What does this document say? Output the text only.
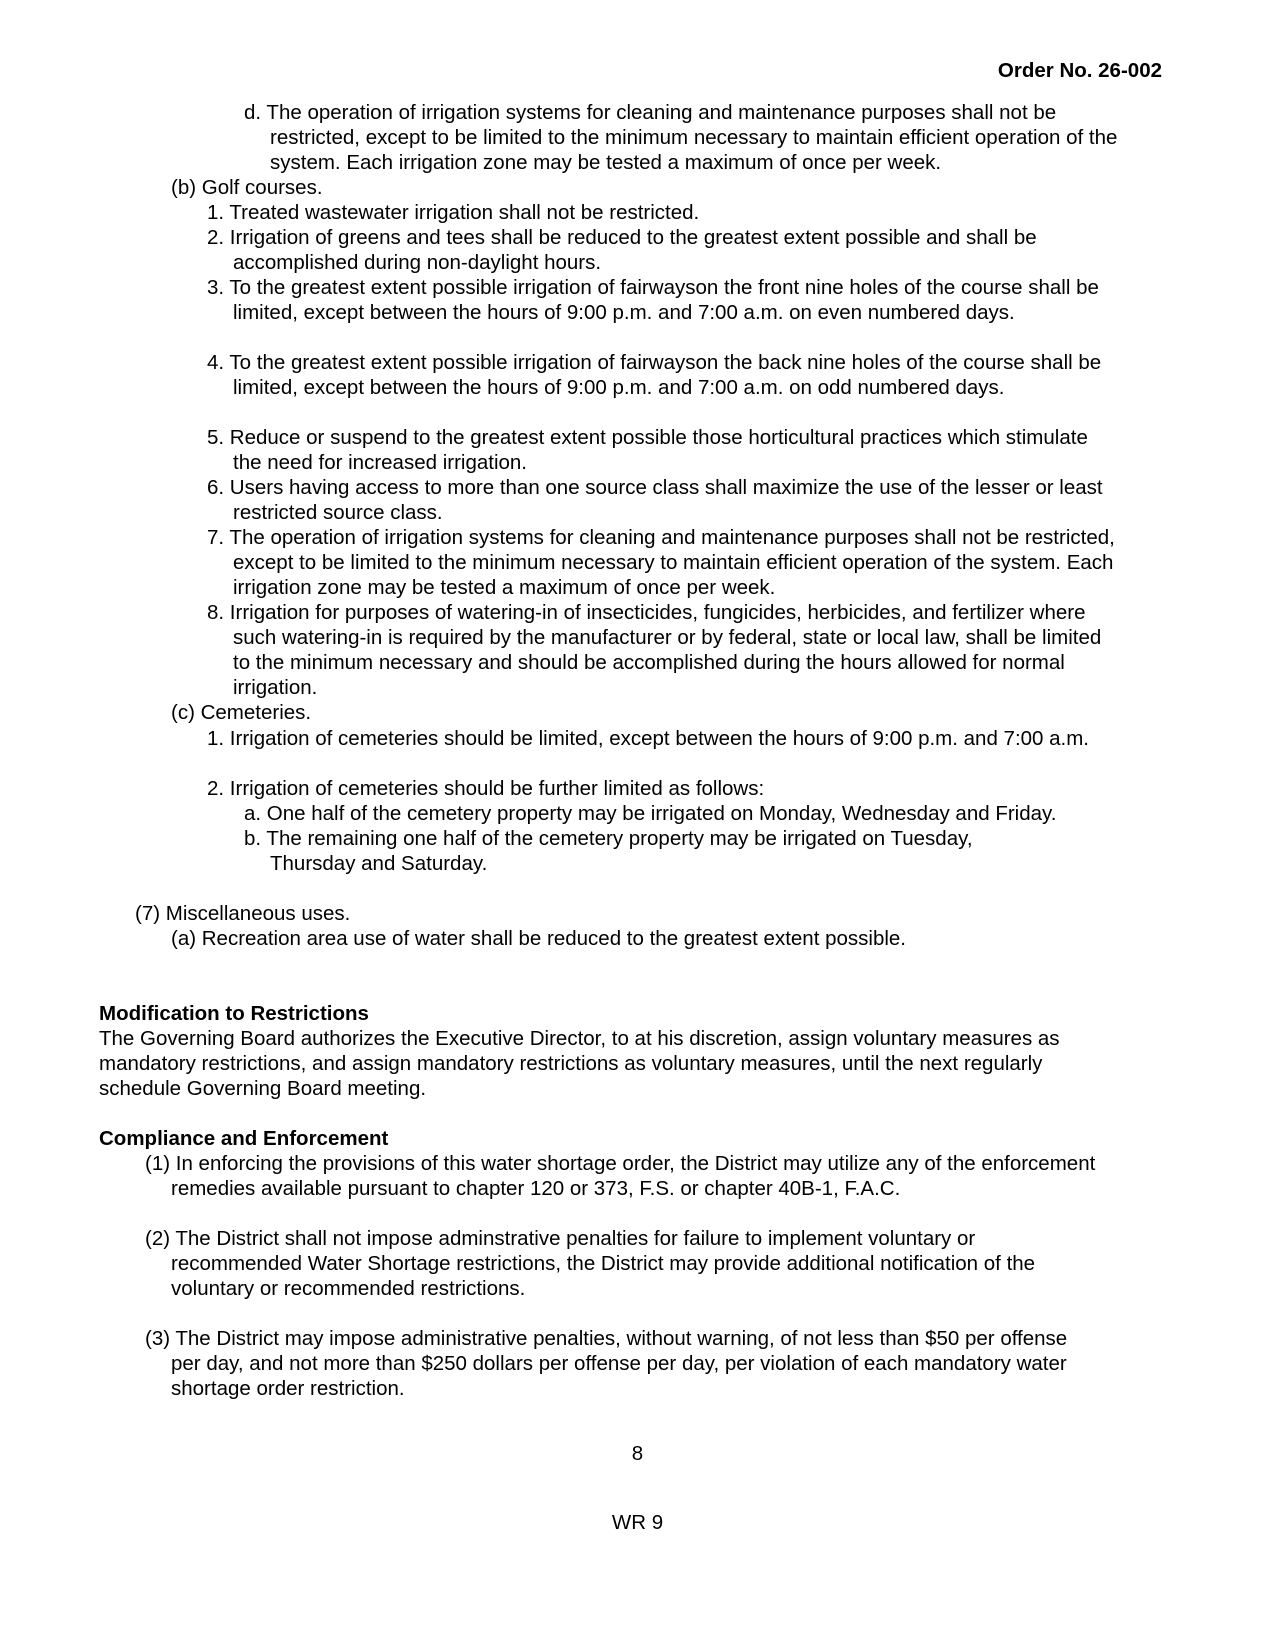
Order No. 26-002

d. The operation of irrigation systems for cleaning and maintenance purposes shall not be restricted, except to be limited to the minimum necessary to maintain efficient operation of the system. Each irrigation zone may be tested a maximum of once per week.

(b) Golf courses.

1. Treated wastewater irrigation shall not be restricted.

2. Irrigation of greens and tees shall be reduced to the greatest extent possible and shall be accomplished during non-daylight hours.

3. To the greatest extent possible irrigation of fairwayson the front nine holes of the course shall be limited, except between the hours of 9:00 p.m. and 7:00 a.m. on even numbered days.

4. To the greatest extent possible irrigation of fairwayson the back nine holes of the course shall be limited, except between the hours of 9:00 p.m. and 7:00 a.m. on odd numbered days.

5. Reduce or suspend to the greatest extent possible those horticultural practices which stimulate the need for increased irrigation.

6. Users having access to more than one source class shall maximize the use of the lesser or least restricted source class.

7. The operation of irrigation systems for cleaning and maintenance purposes shall not be restricted, except to be limited to the minimum necessary to maintain efficient operation of the system. Each irrigation zone may be tested a maximum of once per week.

8. Irrigation for purposes of watering-in of insecticides, fungicides, herbicides, and fertilizer where such watering-in is required by the manufacturer or by federal, state or local law, shall be limited to the minimum necessary and should be accomplished during the hours allowed for normal irrigation.

(c) Cemeteries.

1. Irrigation of cemeteries should be limited, except between the hours of 9:00 p.m. and 7:00 a.m.

2. Irrigation of cemeteries should be further limited as follows:

a. One half of the cemetery property may be irrigated on Monday, Wednesday and Friday.

b. The remaining one half of the cemetery property may be irrigated on Tuesday, Thursday and Saturday.

(7) Miscellaneous uses.

(a) Recreation area use of water shall be reduced to the greatest extent possible.

Modification to Restrictions

The Governing Board authorizes the Executive Director, to at his discretion, assign voluntary measures as mandatory restrictions, and assign mandatory restrictions as voluntary measures, until the next regularly schedule Governing Board meeting.

Compliance and Enforcement

(1) In enforcing the provisions of this water shortage order, the District may utilize any of the enforcement remedies available pursuant to chapter 120 or 373, F.S. or chapter 40B-1, F.A.C.

(2) The District shall not impose adminstrative penalties for failure to implement voluntary or recommended Water Shortage restrictions, the District may provide additional notification of the voluntary or recommended restrictions.

(3) The District may impose administrative penalties, without warning, of not less than $50 per offense per day, and not more than $250 dollars per offense per day, per violation of each mandatory water shortage order restriction.

8
WR 9
